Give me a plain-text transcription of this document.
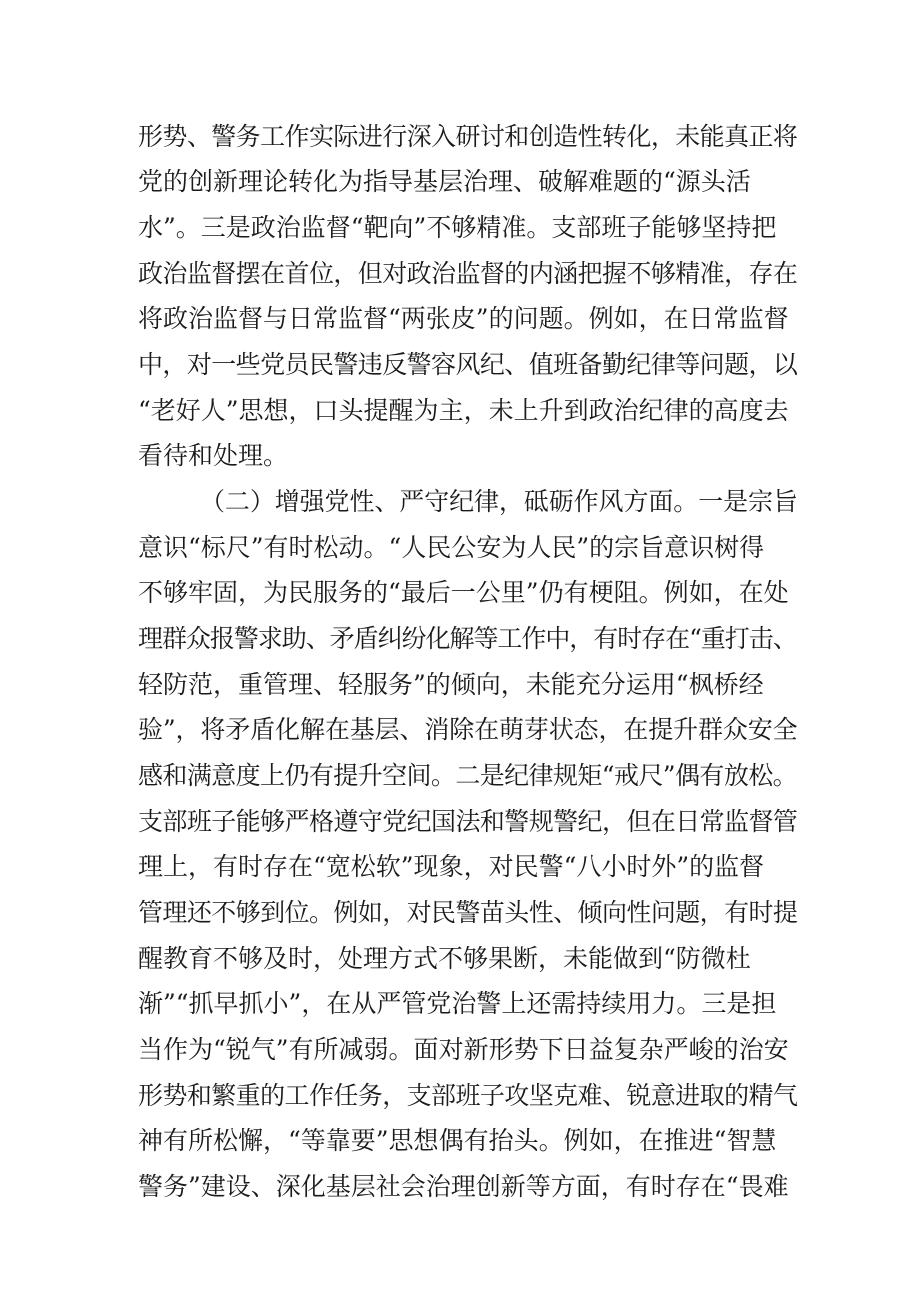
形势、警务工作实际进行深入研讨和创造性转化，未能真正将
党的创新理论转化为指导基层治理、破解难题的“源头活
水”。三是政治监督“靶向”不够精准。支部班子能够坚持把
政治监督摆在首位，但对政治监督的内涵把握不够精准，存在
将政治监督与日常监督“两张皮”的问题。例如，在日常监督
中，对一些党员民警违反警容风纪、值班备勤纪律等问题，以
“老好人”思想，口头提醒为主，未上升到政治纪律的高度去
看待和处理。
（二）增强党性、严守纪律，砥砺作风方面。一是宗旨
意识“标尺”有时松动。“人民公安为人民”的宗旨意识树得
不够牢固，为民服务的“最后一公里”仍有梗阻。例如，在处
理群众报警求助、矛盾纠纷化解等工作中，有时存在“重打击、
轻防范，重管理、轻服务”的倾向，未能充分运用“枫桥经
验”，将矛盾化解在基层、消除在萌芽状态，在提升群众安全
感和满意度上仍有提升空间。二是纪律规矩“戒尺”偶有放松。
支部班子能够严格遵守党纪国法和警规警纪，但在日常监督管
理上，有时存在“宽松软”现象，对民警“八小时外”的监督
管理还不够到位。例如，对民警苗头性、倾向性问题，有时提
醒教育不够及时，处理方式不够果断，未能做到“防微杜
渐”“抓早抓小”，在从严管党治警上还需持续用力。三是担
当作为“锐气”有所减弱。面对新形势下日益复杂严峻的治安
形势和繁重的工作任务，支部班子攻坚克难、锐意进取的精气
神有所松懈，“等靠要”思想偶有抬头。例如，在推进“智慧
警务”建设、深化基层社会治理创新等方面，有时存在“畏难
